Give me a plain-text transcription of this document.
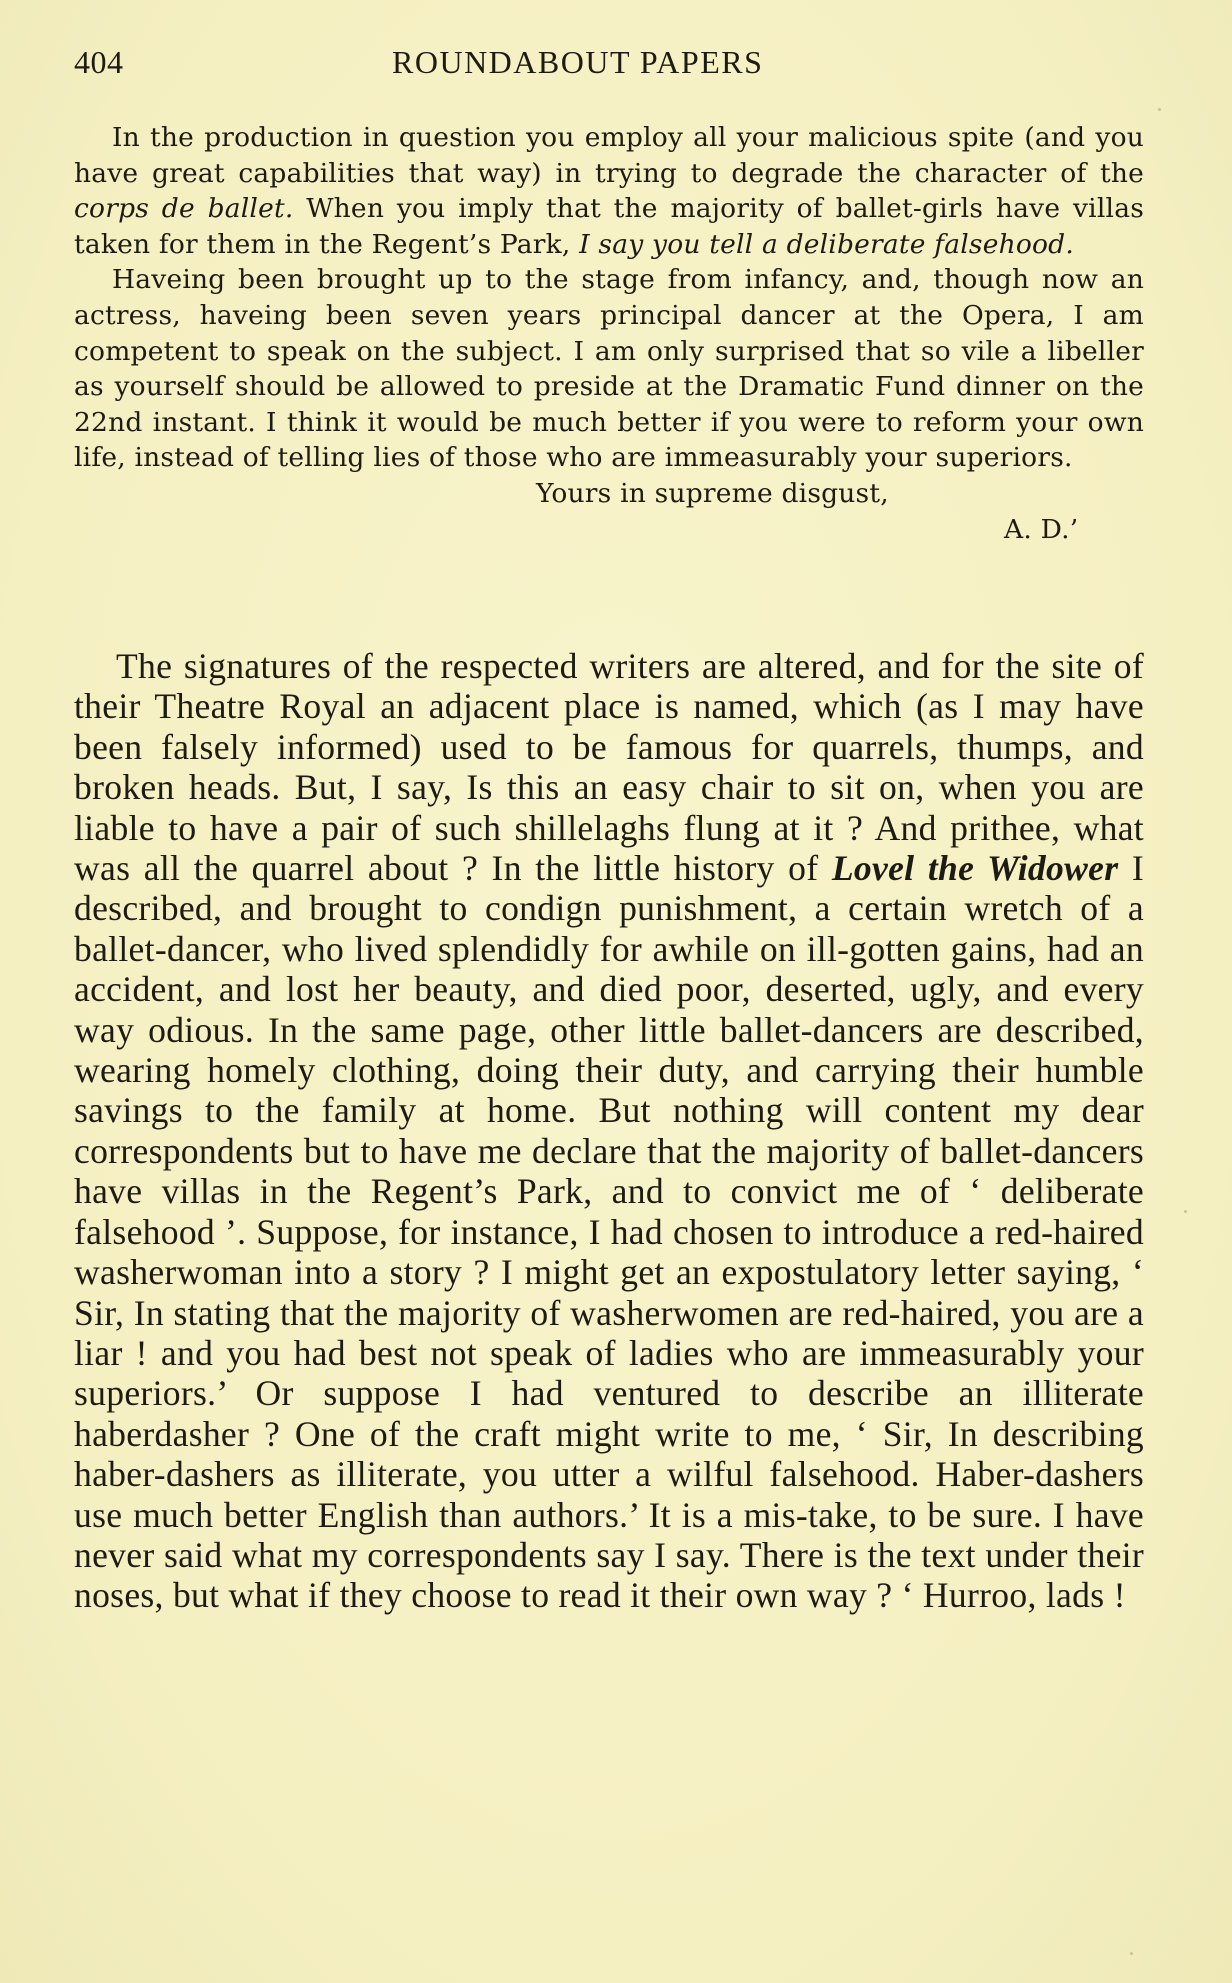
404	ROUNDABOUT PAPERS

In the production in question you employ all your malicious spite (and you have great capabilities that way) in trying to degrade the character of the corps de ballet. When you imply that the majority of ballet-girls have villas taken for them in the Regent’s Park, I say you tell a deliberate falsehood.

Haveing been brought up to the stage from infancy, and, though now an actress, haveing been seven years principal dancer at the Opera, I am competent to speak on the subject. I am only surprised that so vile a libeller as yourself should be allowed to preside at the Dramatic Fund dinner on the 22nd instant. I think it would be much better if you were to reform your own life, instead of telling lies of those who are immeasurably your superiors.

Yours in supreme disgust,

A. D.’

The signatures of the respected writers are altered, and for the site of their Theatre Royal an adjacent place is named, which (as I may have been falsely informed) used to be famous for quarrels, thumps, and broken heads. But, I say, Is this an easy chair to sit on, when you are liable to have a pair of such shillelaghs flung at it ? And prithee, what was all the quarrel about ? In the little history of Lovel the Widower I described, and brought to condign punishment, a certain wretch of a ballet-dancer, who lived splendidly for awhile on ill-gotten gains, had an accident, and lost her beauty, and died poor, deserted, ugly, and every way odious. In the same page, other little ballet-dancers are described, wearing homely clothing, doing their duty, and carrying their humble savings to the family at home. But nothing will content my dear correspondents but to have me declare that the majority of ballet-dancers have villas in the Regent’s Park, and to convict me of ‘ deliberate falsehood ’. Suppose, for instance, I had chosen to introduce a red-haired washerwoman into a story ? I might get an expostulatory letter saying, ‘ Sir, In stating that the majority of washerwomen are red-haired, you are a liar ! and you had best not speak of ladies who are immeasurably your superiors.’ Or suppose I had ventured to describe an illiterate haberdasher ? One of the craft might write to me, ‘ Sir, In describing haber-dashers as illiterate, you utter a wilful falsehood. Haber-dashers use much better English than authors.’ It is a mis-take, to be sure. I have never said what my correspondents say I say. There is the text under their noses, but what if they choose to read it their own way ? ‘ Hurroo, lads !
